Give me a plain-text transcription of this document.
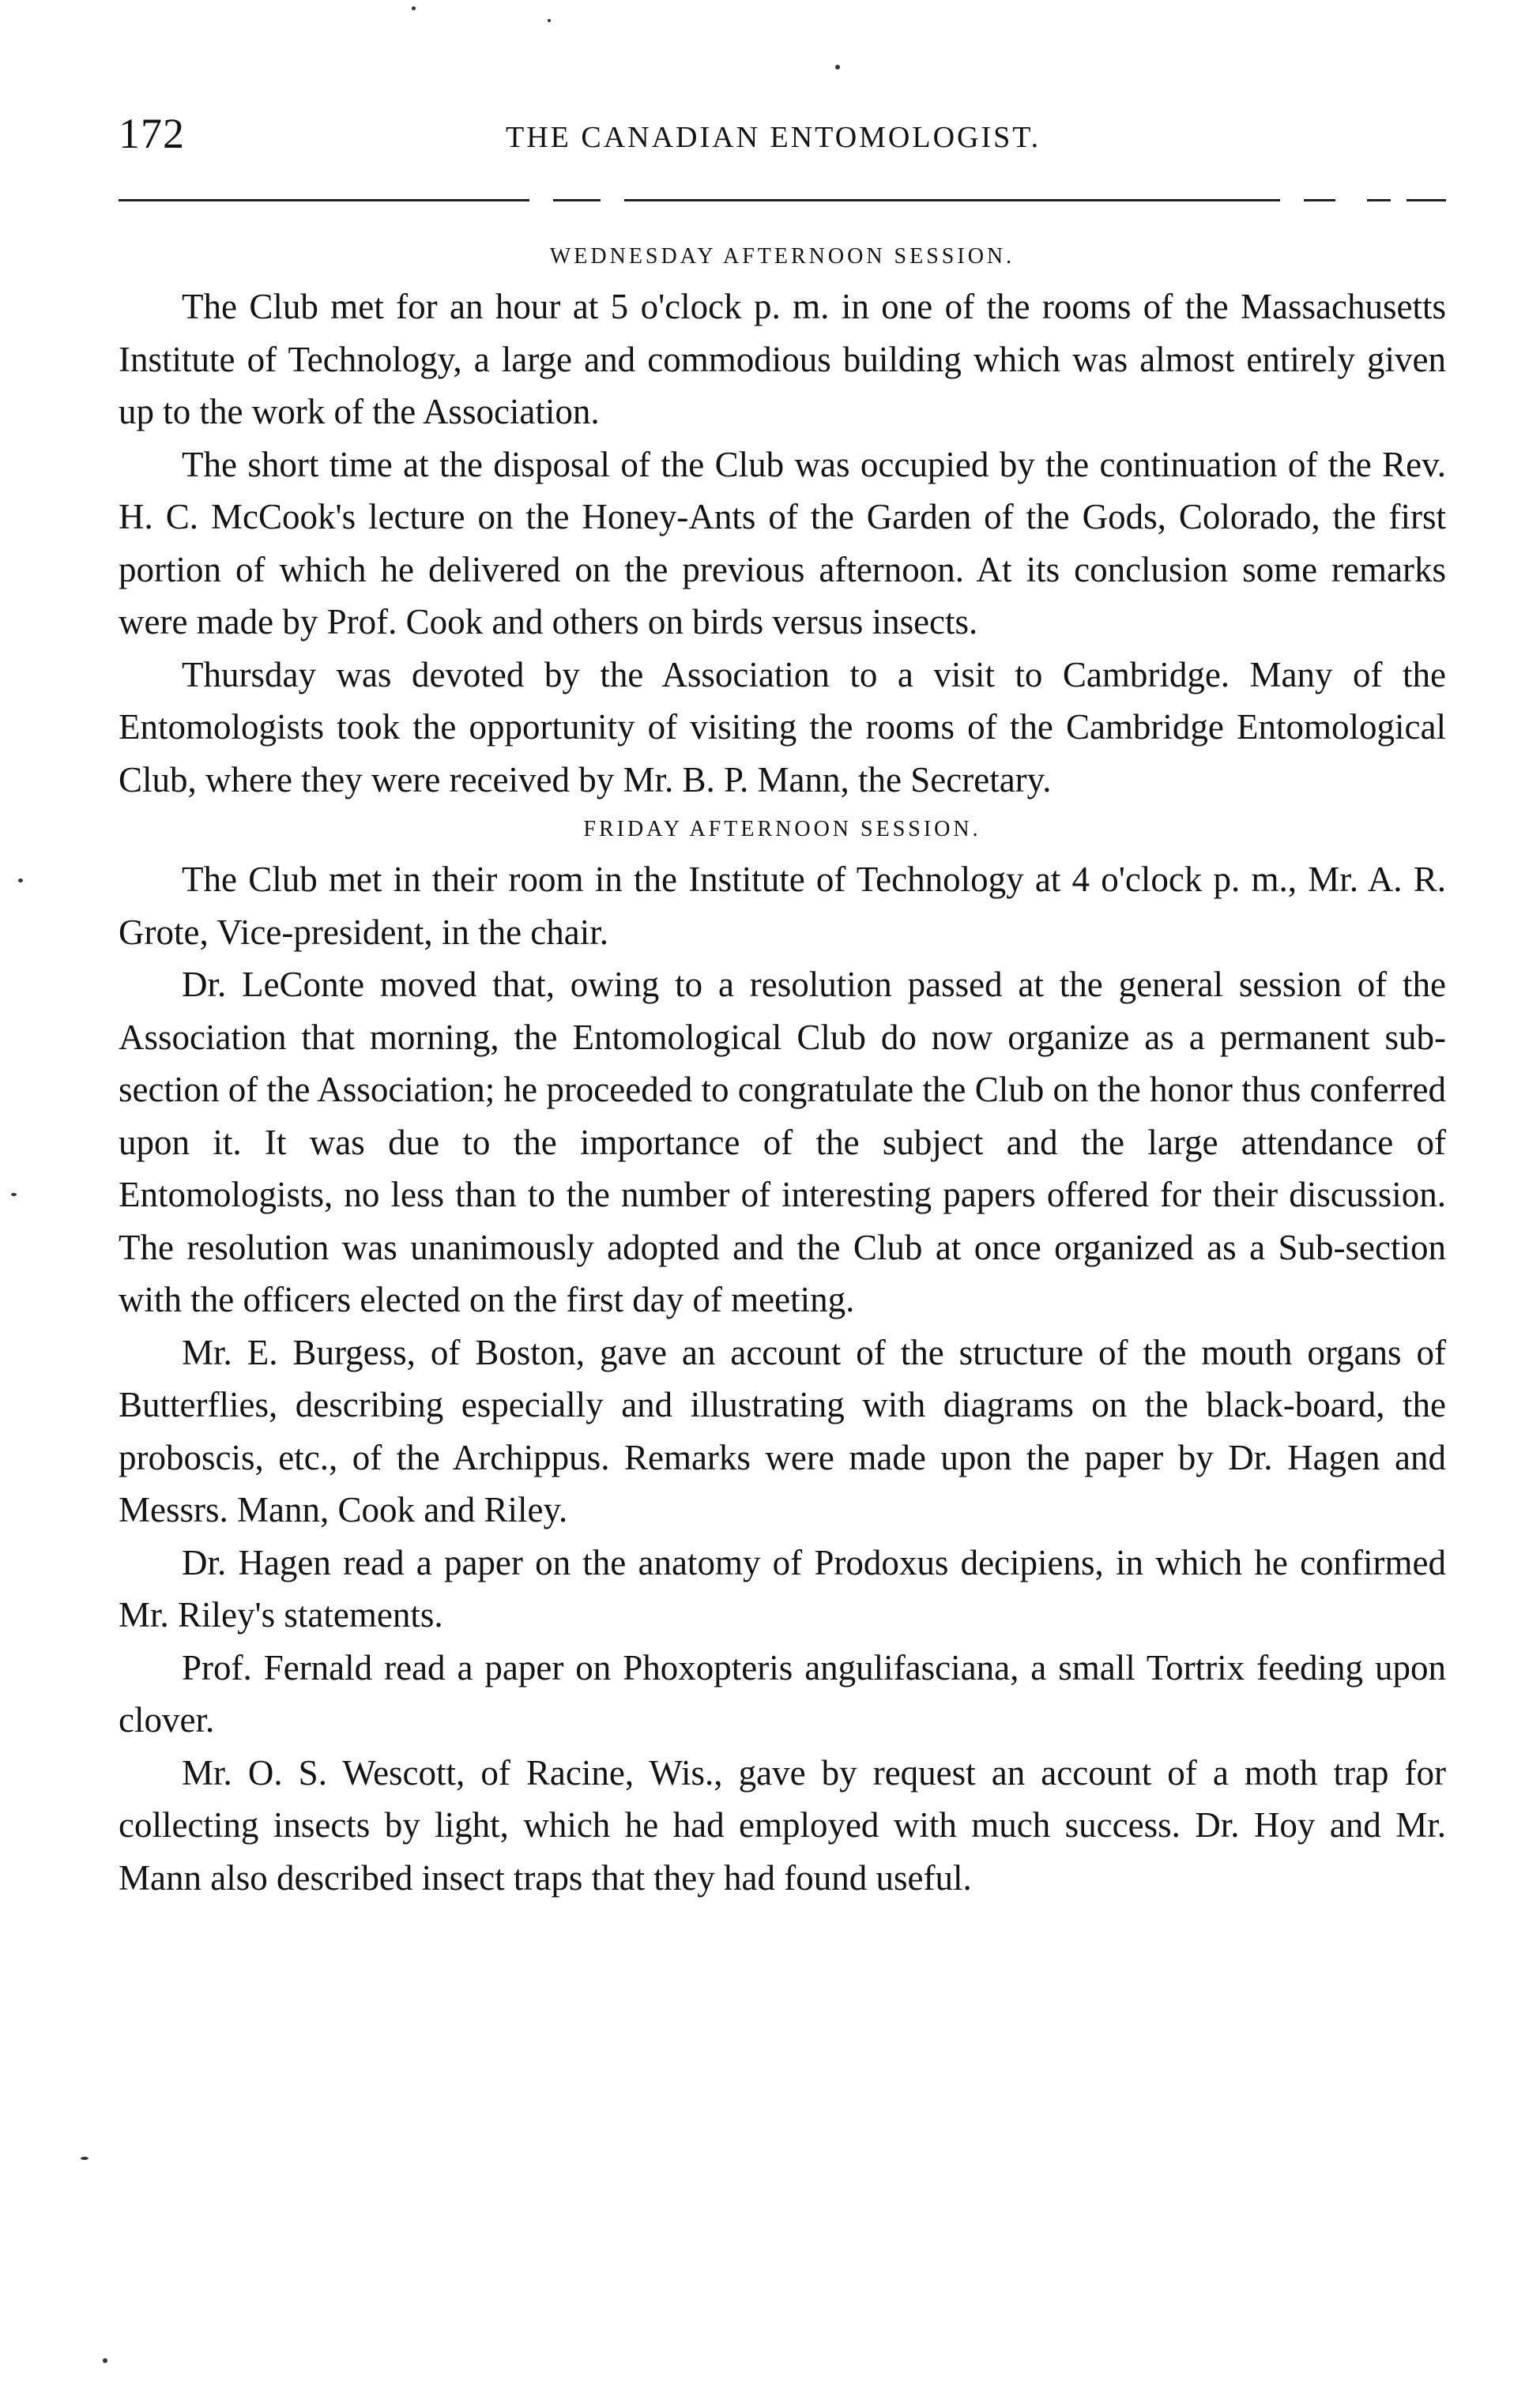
172	THE CANADIAN ENTOMOLOGIST.

WEDNESDAY AFTERNOON SESSION.

The Club met for an hour at 5 o'clock p. m. in one of the rooms of the Massachusetts Institute of Technology, a large and commodious building which was almost entirely given up to the work of the Association.

The short time at the disposal of the Club was occupied by the continuation of the Rev. H. C. McCook's lecture on the Honey-Ants of the Garden of the Gods, Colorado, the first portion of which he delivered on the previous afternoon. At its conclusion some remarks were made by Prof. Cook and others on birds versus insects.

Thursday was devoted by the Association to a visit to Cambridge. Many of the Entomologists took the opportunity of visiting the rooms of the Cambridge Entomological Club, where they were received by Mr. B. P. Mann, the Secretary.

FRIDAY AFTERNOON SESSION.

The Club met in their room in the Institute of Technology at 4 o'clock p. m., Mr. A. R. Grote, Vice-president, in the chair.

Dr. LeConte moved that, owing to a resolution passed at the general session of the Association that morning, the Entomological Club do now organize as a permanent sub-section of the Association; he proceeded to congratulate the Club on the honor thus conferred upon it. It was due to the importance of the subject and the large attendance of Entomologists, no less than to the number of interesting papers offered for their discussion. The resolution was unanimously adopted and the Club at once organized as a Sub-section with the officers elected on the first day of meeting.

Mr. E. Burgess, of Boston, gave an account of the structure of the mouth organs of Butterflies, describing especially and illustrating with diagrams on the black-board, the proboscis, etc., of the Archippus. Remarks were made upon the paper by Dr. Hagen and Messrs. Mann, Cook and Riley.

Dr. Hagen read a paper on the anatomy of Prodoxus decipiens, in which he confirmed Mr. Riley's statements.

Prof. Fernald read a paper on Phoxopteris angulifasciana, a small Tortrix feeding upon clover.

Mr. O. S. Wescott, of Racine, Wis., gave by request an account of a moth trap for collecting insects by light, which he had employed with much success. Dr. Hoy and Mr. Mann also described insect traps that they had found useful.
